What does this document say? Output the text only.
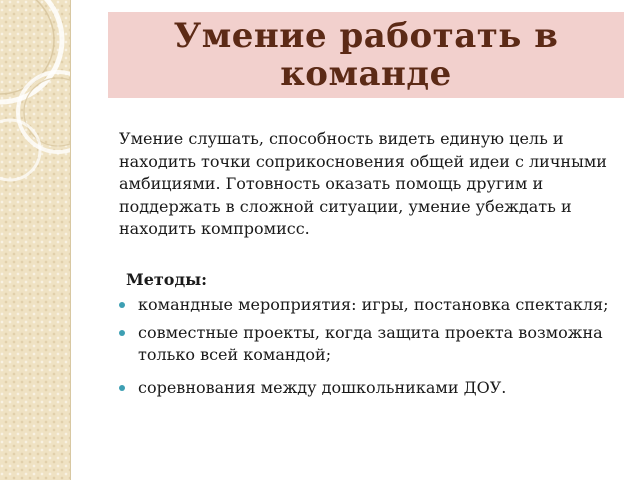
Умение работать в команде

Умение слушать, способность видеть единую цель и находить точки соприкосновения общей идеи с личными амбициями. Готовность оказать помощь другим и поддержать в сложной ситуации, умение убеждать и находить компромисс.

Методы:

командные мероприятия: игры, постановка спектакля;
совместные проекты, когда защита проекта возможна только всей командой;
соревнования между дошкольниками ДОУ.
